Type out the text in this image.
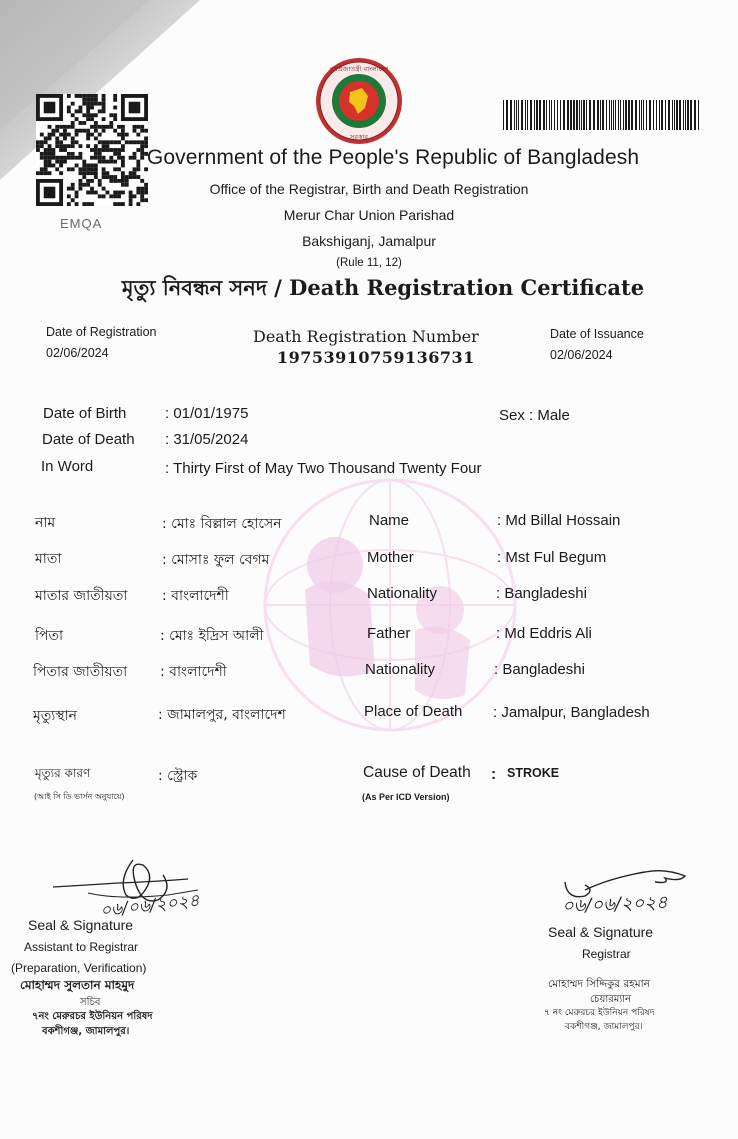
EMQA
গণপ্রজাতন্ত্রী বাংলাদেশ
সরকার
Government of the People's Republic of Bangladesh
Office of the Registrar, Birth and Death Registration
Merur Char Union Parishad
Bakshiganj, Jamalpur
(Rule 11, 12)
মৃত্যু নিবন্ধন সনদ / Death Registration Certificate
Date of Registration
02/06/2024
Death Registration Number
19753910759136731
Date of Issuance
02/06/2024
Date of Birth	: 01/01/1975	Sex : Male
Date of Death : 31/05/2024
In Word	: Thirty First of May Two Thousand Twenty Four
নাম	: মোঃ বিল্লাল হোসেন	Name	: Md Billal Hossain
মাতা	: মোসাঃ ফুল বেগম	Mother	: Mst Ful Begum
মাতার জাতীয়তা : বাংলাদেশী	Nationality	: Bangladeshi
পিতা	: মোঃ ইদ্রিস আলী	Father	: Md Eddris Ali
পিতার জাতীয়তা : বাংলাদেশী	Nationality	: Bangladeshi
মৃত্যুস্থান	: জামালপুর, বাংলাদেশ	Place of Death : Jamalpur, Bangladesh
মৃত্যুর কারণ
(আই সি ডি ভার্সন অনুযায়ে)
: স্ট্রোক	Cause of Death : STROKE
(As Per ICD Version)
০৬/০৬/২০২৪
Seal & Signature
Assistant to Registrar
(Preparation, Verification)
মোহাম্মদ সুলতান মাহমুদ
সচিব
৭নং মেরুরচর ইউনিয়ন পরিষদ
বকশীগঞ্জ, জামালপুর।
০৬/০৬/২০২৪
Seal & Signature
Registrar
মোহাম্মদ সিদ্দিকুর রহমান
চেয়ারম্যান
৭ নং মেরুরচর ইউনিয়ন পরিষদ
বকশীগঞ্জ, জামালপুর।
